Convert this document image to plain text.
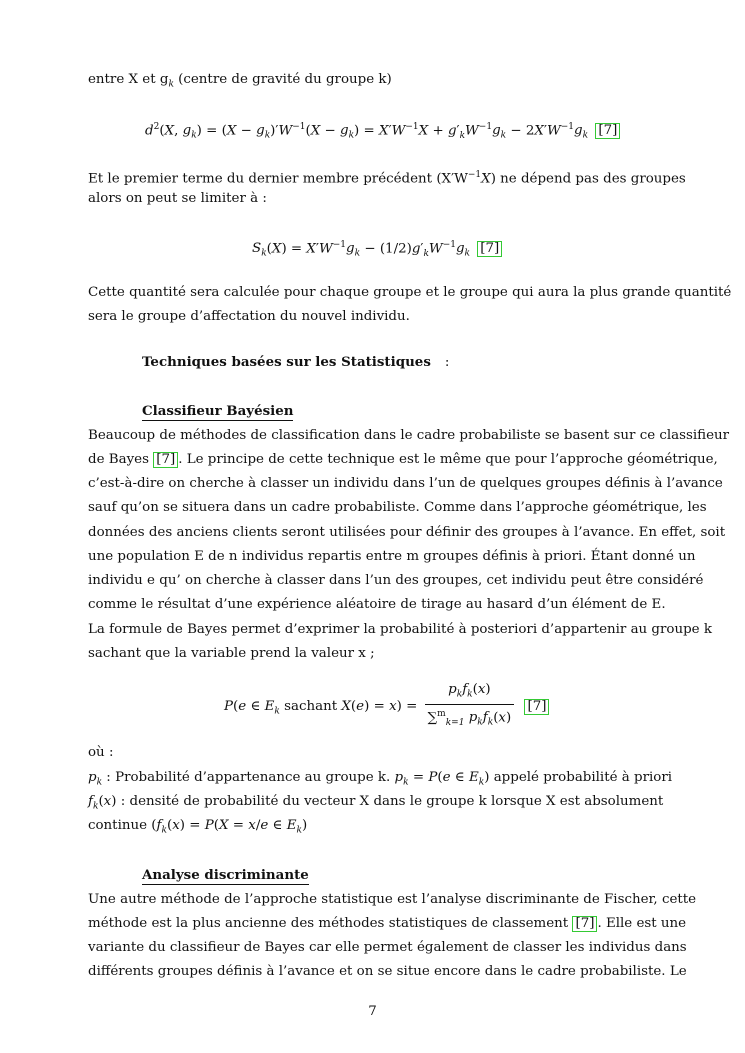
entre X et $g_k$ (centre de gravité du groupe k)
$d^2(X$, $g_k) = (X - g_k)'W^{-1}(X - g_k) = X'W^{-1}X + g'_kW^{-1}g_k - 2X'W^{-1}g_k$ [7]
Et le premier terme du dernier membre précédent $(X'W^{-1}X)$ ne dépend pas des groupes
alors on peut se limiter à :
$S_k(X) = X'W^{-1}g_k - (1/2)g'_kW^{-1}g_k$ [7]
Cette quantité sera calculée pour chaque groupe et le groupe qui aura la plus grande quantité
sera le groupe d’affectation du nouvel individu.
Techniques basées sur les Statistiques :
Classifieur Bayésien
Beaucoup de méthodes de classification dans le cadre probabiliste se basent sur ce classifieur
de Bayes [7] . Le principe de cette technique est le même que pour l’approche géométrique,
c’est-à-dire on cherche à classer un individu dans l’un de quelques groupes définis à l’avance
sauf qu’on se situera dans un cadre probabiliste. Comme dans l’approche géométrique, les
données des anciens clients seront utilisées pour définir des groupes à l’avance. En effet, soit
une population E de n individus repartis entre m groupes définis à priori. Étant donné un
individu e qu’ on cherche à classer dans l’un des groupes, cet individu peut être considéré
comme le résultat d’une expérience aléatoire de tirage au hasard d’un élément de E.
La formule de Bayes permet d’exprimer la probabilité à posteriori d’appartenir au groupe k
sachant que la variable prend la valeur x ;
P(e ∈ $E_k$ sachant $X(e) = x) = \frac{p_kf_k(x)}{\sum^m_{k=1} p_kf_k(x)} [7]$
où :
$p_k$ : Probabilité d’appartenance au groupe k. $p_k = P(e$ ∈ $E_k$) appelé probabilité à priori
$f_k(x)$ : densité de probabilité du vecteur X dans le groupe k lorsque X est absolument
continue ($f_k(x) = P(X = x/e$ ∈ $E_k$)
Analyse discriminante
Une autre méthode de l’approche statistique est l’analyse discriminante de Fischer, cette
méthode est la plus ancienne des méthodes statistiques de classement [7] . Elle est une
variante du classifieur de Bayes car elle permet également de classer les individus dans
différents groupes définis à l’avance et on se situe encore dans le cadre probabiliste. Le
7
